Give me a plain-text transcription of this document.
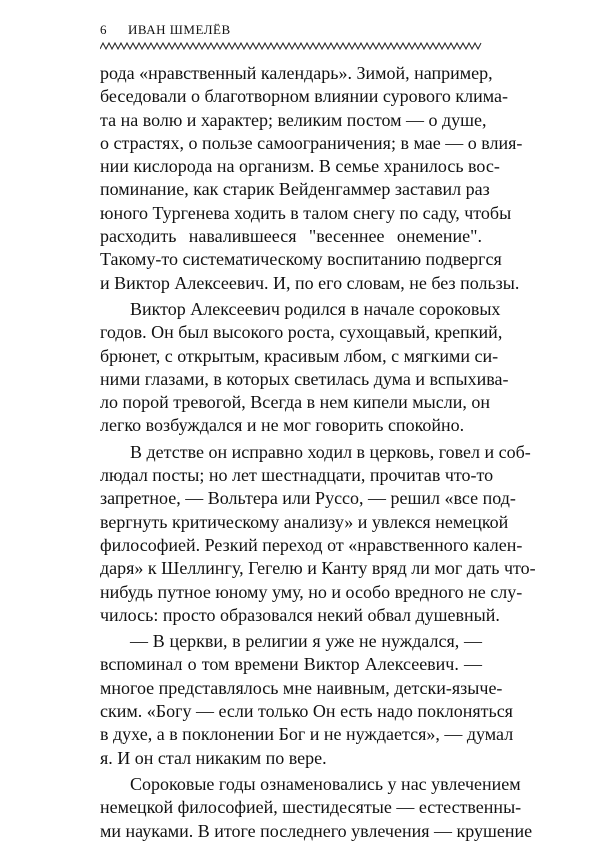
6 ИВАН ШМЕЛЁВ
рода «нравственный календарь». Зимой, например,
беседовали о благотворном влиянии сурового клима-
та на волю и характер; великим постом — о душе,
о страстях, о пользе самоограничения; в мае — о влия-
нии кислорода на организм. В семье хранилось вос-
поминание, как старик Вейденгаммер заставил раз
юного Тургенева ходить в талом снегу по саду, чтобы
расходить навалившееся "весеннее онемение".
Такому-то систематическому воспитанию подвергся
и Виктор Алексеевич. И, по его словам, не без пользы.
Виктор Алексеевич родился в начале сороковых
годов. Он был высокого роста, сухощавый, крепкий,
брюнет, с открытым, красивым лбом, с мягкими си-
ними глазами, в которых светилась дума и вспыхива-
ло порой тревогой, Всегда в нем кипели мысли, он
легко возбуждался и не мог говорить спокойно.
В детстве он исправно ходил в церковь, говел и соб-
людал посты; но лет шестнадцати, прочитав что-то
запретное, — Вольтера или Руссо, — решил «все под-
вергнуть критическому анализу» и увлекся немецкой
философией. Резкий переход от «нравственного кален-
даря» к Шеллингу, Гегелю и Канту вряд ли мог дать что-
нибудь путное юному уму, но и особо вредного не слу-
чилось: просто образовался некий обвал душевный.
— В церкви, в религии я уже не нуждался, —
вспоминал о том времени Виктор Алексеевич. —
многое представлялось мне наивным, детски-языче-
ским. «Богу — если только Он есть надо поклоняться
в духе, а в поклонении Бог и не нуждается», — думал
я. И он стал никаким по вере.
Сороковые годы ознаменовались у нас увлечением
немецкой философией, шестидесятые — естественны-
ми науками. В итоге последнего увлечения — крушение
